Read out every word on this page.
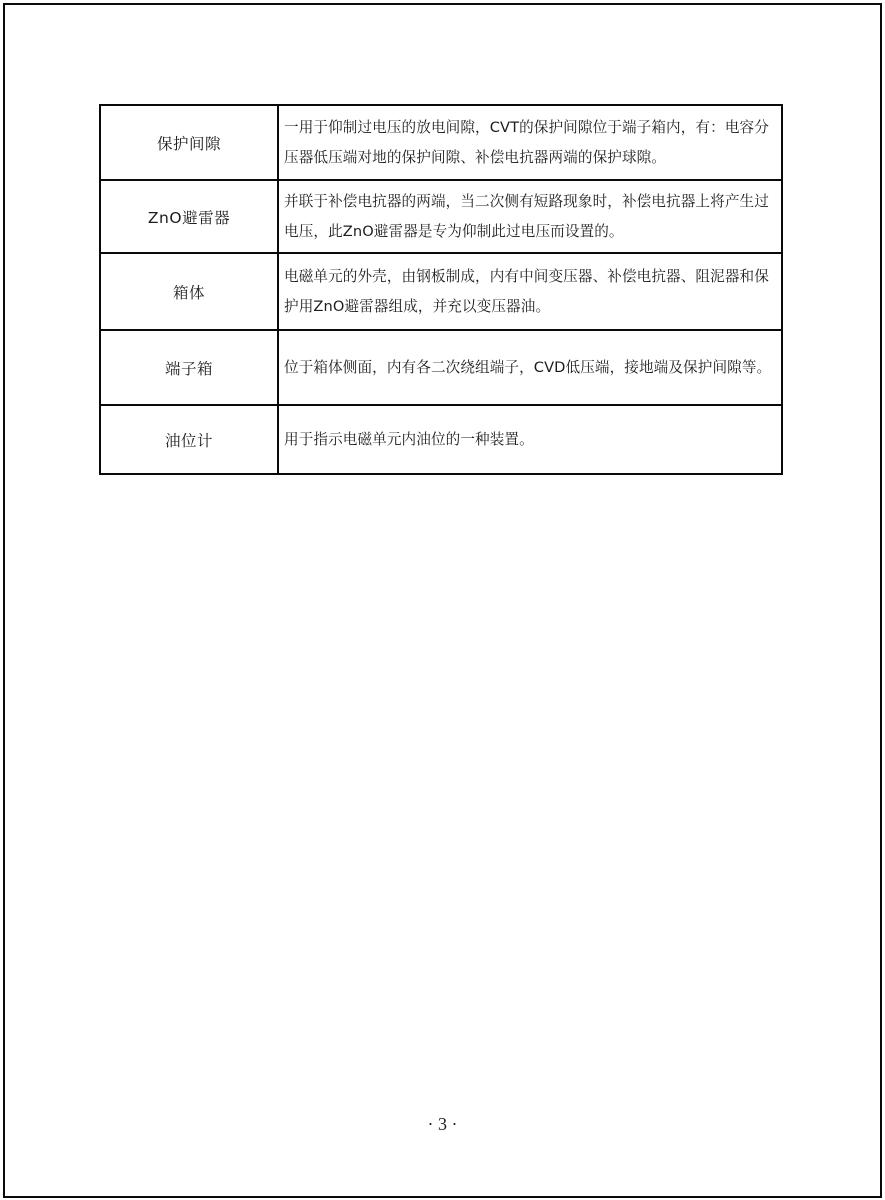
保护间隙
一用于仰制过电压的放电间隙，CVT的保护间隙位于端子箱内，有：电容分压器低压端对地的保护间隙、补偿电抗器两端的保护球隙。
ZnO避雷器
并联于补偿电抗器的两端，当二次侧有短路现象时，补偿电抗器上将产生过电压，此ZnO避雷器是专为仰制此过电压而设置的。
箱体
电磁单元的外壳，由钢板制成，内有中间变压器、补偿电抗器、阻泥器和保护用ZnO避雷器组成，并充以变压器油。
端子箱	位于箱体侧面，内有各二次绕组端子，CVD低压端，接地端及保护间隙等。
油位计	用于指示电磁单元内油位的一种装置。
· 3 ·
